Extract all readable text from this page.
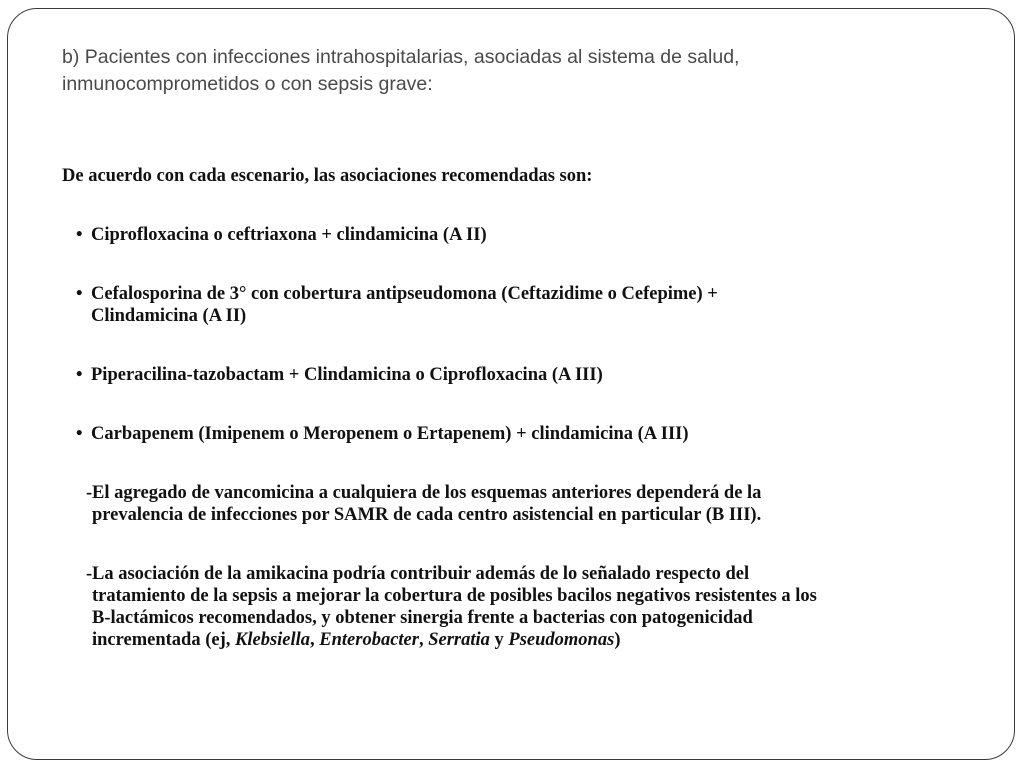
b) Pacientes con infecciones intrahospitalarias, asociadas al sistema de salud,
inmunocomprometidos o con sepsis grave:

De acuerdo con cada escenario, las asociaciones recomendadas son:

• Ciprofloxacina o ceftriaxona + clindamicina (A II)

• Cefalosporina de 3° con cobertura antipseudomona (Ceftazidime o Cefepime) +
Clindamicina (A II)

• Piperacilina-tazobactam + Clindamicina o Ciprofloxacina (A III)

• Carbapenem (Imipenem o Meropenem o Ertapenem) + clindamicina (A III)

- El agregado de vancomicina a cualquiera de los esquemas anteriores dependerá de la
prevalencia de infecciones por SAMR de cada centro asistencial en particular (B III).

- La asociación de la amikacina podría contribuir además de lo señalado respecto del
tratamiento de la sepsis a mejorar la cobertura de posibles bacilos negativos resistentes a los
B-lactámicos recomendados, y obtener sinergia frente a bacterias con patogenicidad
incrementada (ej, Klebsiella, Enterobacter, Serratia y Pseudomonas)
